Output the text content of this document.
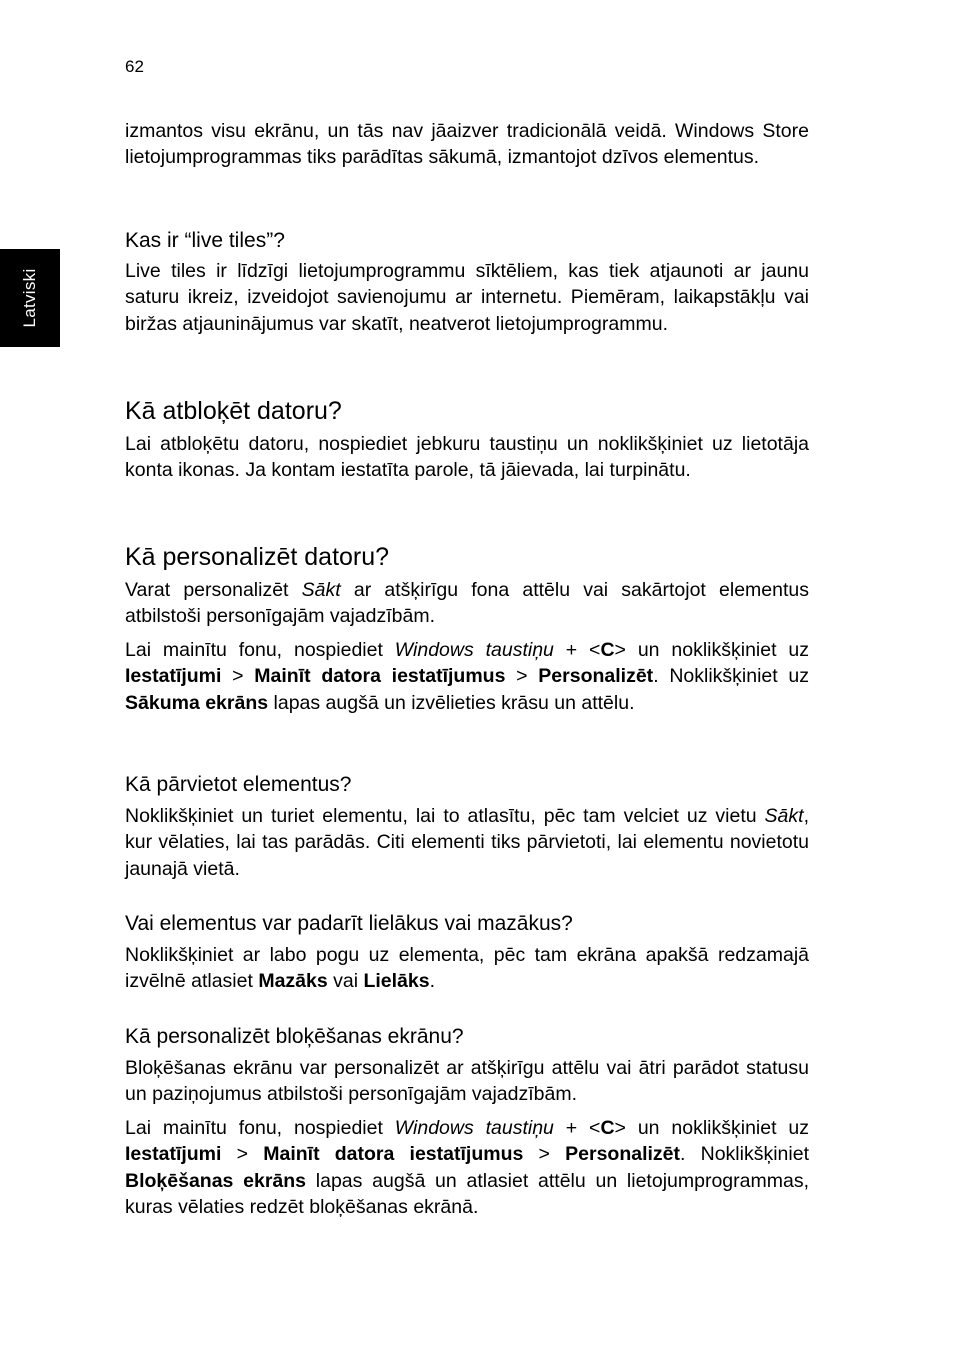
62
Latviski

izmantos visu ekrānu, un tās nav jāaizver tradicionālā veidā. Windows Store lietojumprogrammas tiks parādītas sākumā, izmantojot dzīvos elementus.

Kas ir “live tiles”?

Live tiles ir līdzīgi lietojumprogrammu sīktēliem, kas tiek atjaunoti ar jaunu saturu ikreiz, izveidojot savienojumu ar internetu. Piemēram, laikapstākļu vai biržas atjauninājumus var skatīt, neatverot lietojumprogrammu.

Kā atbloķēt datoru?

Lai atbloķētu datoru, nospiediet jebkuru taustiņu un noklikšķiniet uz lietotāja konta ikonas. Ja kontam iestatīta parole, tā jāievada, lai turpinātu.

Kā personalizēt datoru?

Varat personalizēt Sākt ar atšķirīgu fona attēlu vai sakārtojot elementus atbilstoši personīgajām vajadzībām.

Lai mainītu fonu, nospiediet Windows taustiņu + <C> un noklikšķiniet uz Iestatījumi > Mainīt datora iestatījumus > Personalizēt. Noklikšķiniet uz Sākuma ekrāns lapas augšā un izvēlieties krāsu un attēlu.

Kā pārvietot elementus?

Noklikšķiniet un turiet elementu, lai to atlasītu, pēc tam velciet uz vietu Sākt, kur vēlaties, lai tas parādās. Citi elementi tiks pārvietoti, lai elementu novietotu jaunajā vietā.

Vai elementus var padarīt lielākus vai mazākus?

Noklikšķiniet ar labo pogu uz elementa, pēc tam ekrāna apakšā redzamajā izvēlnē atlasiet Mazāks vai Lielāks.

Kā personalizēt bloķēšanas ekrānu?

Bloķēšanas ekrānu var personalizēt ar atšķirīgu attēlu vai ātri parādot statusu un paziņojumus atbilstoši personīgajām vajadzībām.

Lai mainītu fonu, nospiediet Windows taustiņu + <C> un noklikšķiniet uz Iestatījumi > Mainīt datora iestatījumus > Personalizēt. Noklikšķiniet Bloķēšanas ekrāns lapas augšā un atlasiet attēlu un lietojumprogrammas, kuras vēlaties redzēt bloķēšanas ekrānā.
